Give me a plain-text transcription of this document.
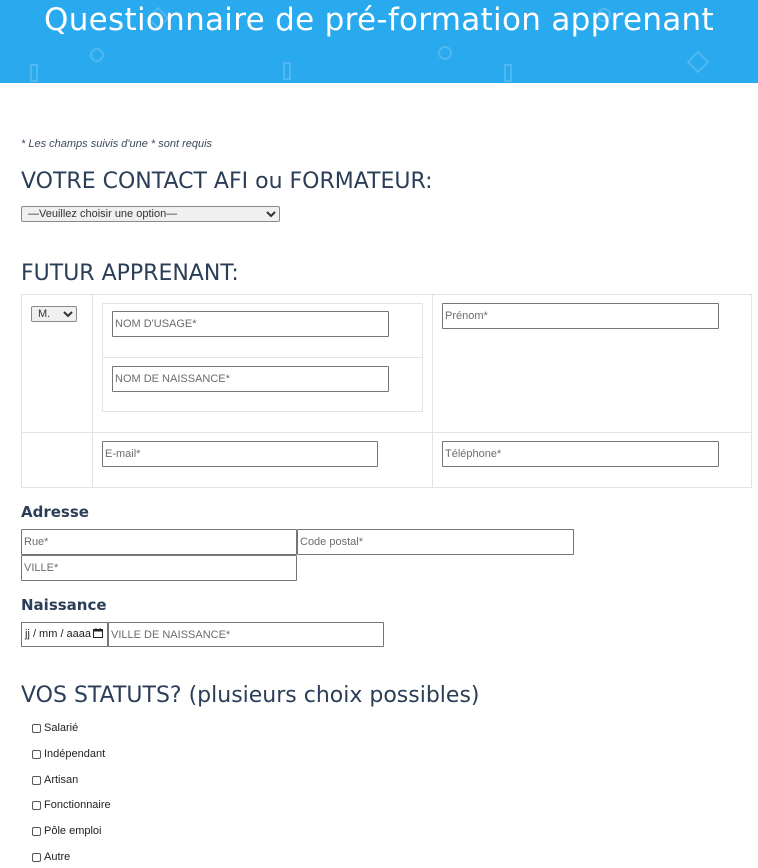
Questionnaire de pré-formation apprenant
* Les champs suivis d'une * sont requis
VOTRE CONTACT AFI ou FORMATEUR:
—Veuillez choisir une option—
FUTUR APPRENANT:
M.
NOM D'USAGE*
NOM DE NAISSANCE*
Prénom*
E-mail*
Téléphone*
Adresse
Rue*
Code postal*
VILLE*
Naissance
jj / mm / aaaa
VILLE DE NAISSANCE*
VOS STATUTS? (plusieurs choix possibles)
Salarié
Indépendant
Artisan
Fonctionnaire
Pôle emploi
Autre
